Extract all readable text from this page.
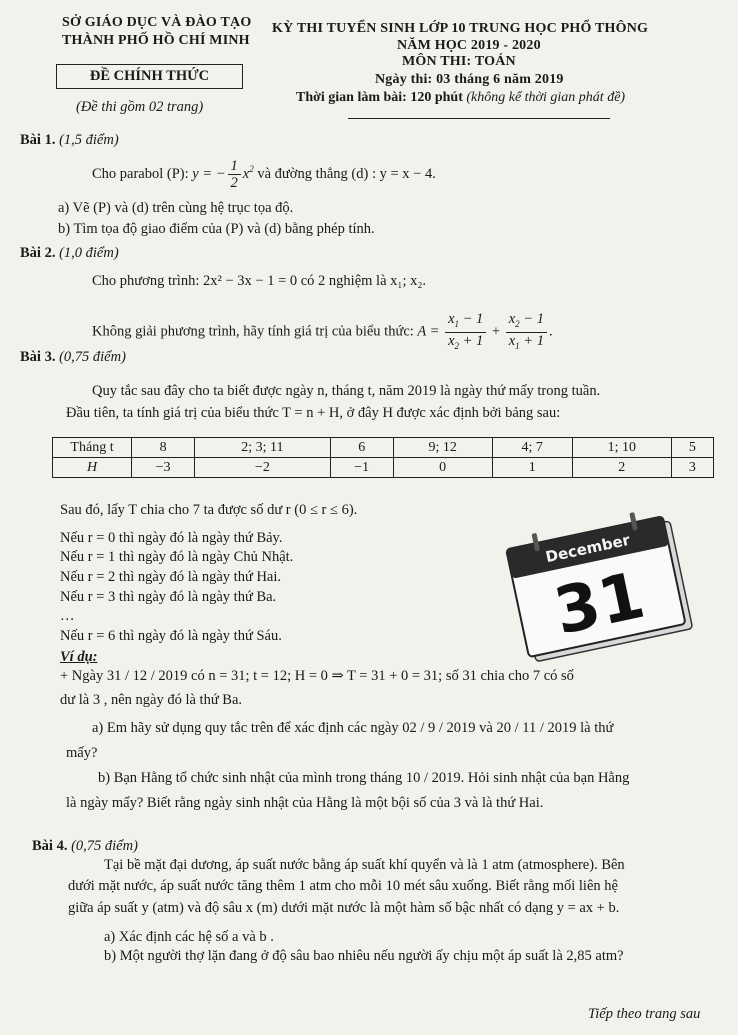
SỞ GIÁO DỤC VÀ ĐÀO TẠO
THÀNH PHỐ HỒ CHÍ MINH
ĐỀ CHÍNH THỨC
(Đề thi gồm 02 trang)
KỲ THI TUYỂN SINH LỚP 10 TRUNG HỌC PHỔ THÔNG
NĂM HỌC 2019 - 2020
MÔN THI: TOÁN
Ngày thi: 03 tháng 6 năm 2019
Thời gian làm bài: 120 phút (không kể thời gian phát đề)
Bài 1. (1,5 điểm)
Cho parabol (P): y = − $\frac{1}{2} x^2$ và đường thẳng (d) : y = x − 4.
a) Vẽ (P) và (d) trên cùng hệ trục tọa độ.
b) Tìm tọa độ giao điểm của (P) và (d) bằng phép tính.
Bài 2. (1,0 điểm)
Cho phương trình: 2x² − 3x − 1 = 0 có 2 nghiệm là x₁; x₂.
Không giải phương trình, hãy tính giá trị của biểu thức: $A = \frac{x_1 - 1}{x_2 + 1} + \frac{x_2 - 1}{x_1 + 1}$ .
Bài 3. (0,75 điểm)
Quy tắc sau đây cho ta biết được ngày n, tháng t, năm 2019 là ngày thứ mấy trong tuần.
Đầu tiên, ta tính giá trị của biểu thức T = n + H, ở đây H được xác định bởi bảng sau:
Tháng t	8	2; 3; 11	6	9; 12	4; 7	1; 10	5
H	−3	−2	−1	0	1	2	3
Sau đó, lấy T chia cho 7 ta được số dư r (0 ≤ r ≤ 6).
Nếu r = 0 thì ngày đó là ngày thứ Bảy.
Nếu r = 1 thì ngày đó là ngày Chủ Nhật.
Nếu r = 2 thì ngày đó là ngày thứ Hai.
Nếu r = 3 thì ngày đó là ngày thứ Ba.
…
Nếu r = 6 thì ngày đó là ngày thứ Sáu.
December
31
Ví dụ:
+ Ngày 31 / 12 / 2019 có n = 31; t = 12; H = 0 ⇒ T = 31 + 0 = 31; số 31 chia cho 7 có số
dư là 3 , nên ngày đó là thứ Ba.
a) Em hãy sử dụng quy tắc trên để xác định các ngày 02 / 9 / 2019 và 20 / 11 / 2019 là thứ
mấy?
b) Bạn Hằng tổ chức sinh nhật của mình trong tháng 10 / 2019. Hỏi sinh nhật của bạn Hằng
là ngày mấy? Biết rằng ngày sinh nhật của Hằng là một bội số của 3 và là thứ Hai.
Bài 4. (0,75 điểm)
Tại bề mặt đại dương, áp suất nước bằng áp suất khí quyển và là 1 atm (atmosphere). Bên
dưới mặt nước, áp suất nước tăng thêm 1 atm cho mỗi 10 mét sâu xuống. Biết rằng mối liên hệ
giữa áp suất y (atm) và độ sâu x (m) dưới mặt nước là một hàm số bậc nhất có dạng y = ax + b.
a) Xác định các hệ số a và b .
b) Một người thợ lặn đang ở độ sâu bao nhiêu nếu người ấy chịu một áp suất là 2,85 atm?
Tiếp theo trang sau
